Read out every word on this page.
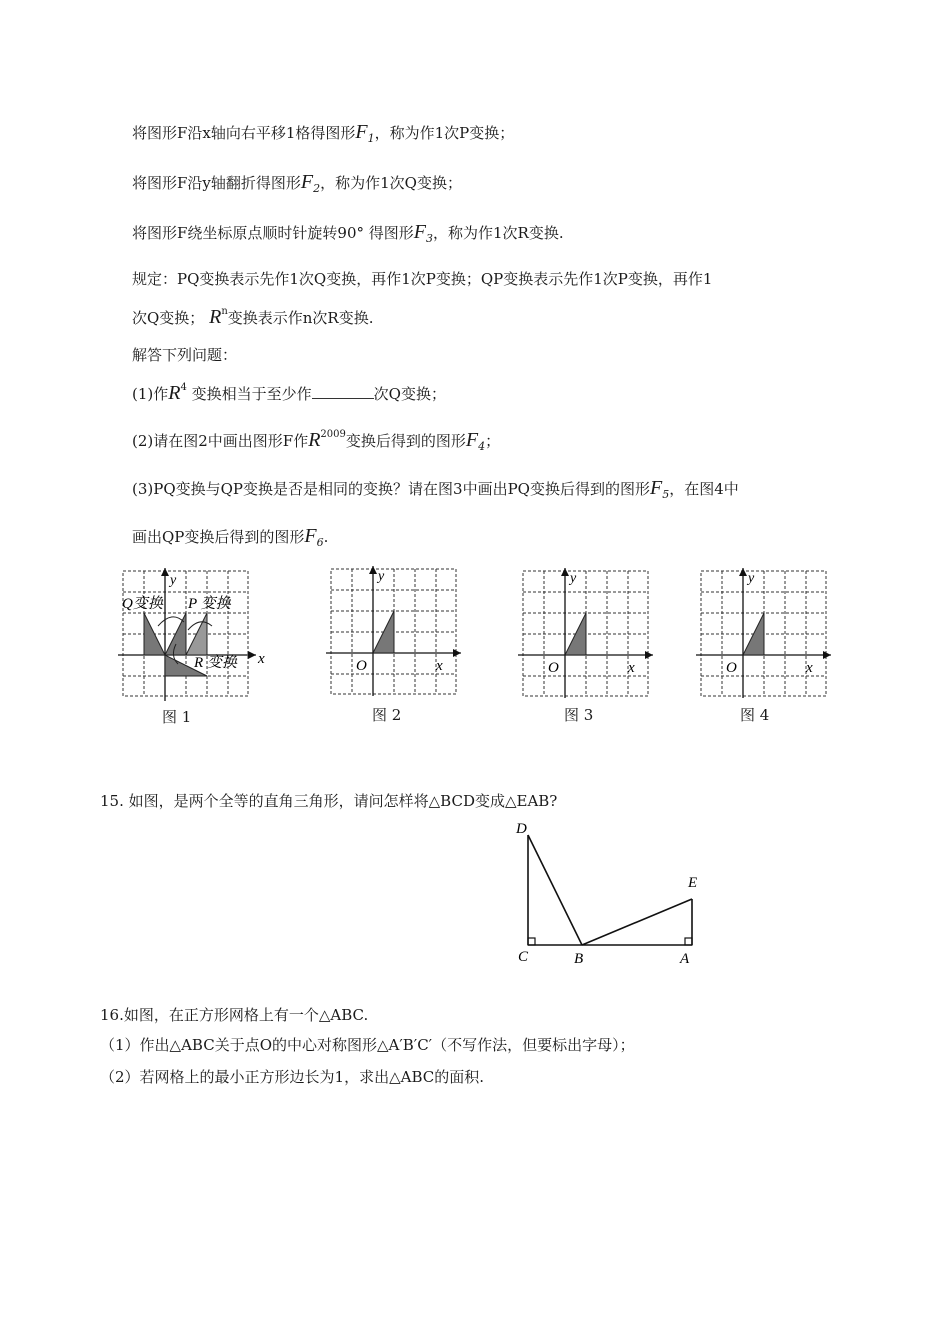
将图形F沿x轴向右平移1格得图形$F_1$，称为作1次P变换；
将图形F沿y轴翻折得图形$F_2$，称为作1次Q变换；
将图形F绕坐标原点顺时针旋转90° 得图形$F_3$，称为作1次R变换.
规定：PQ变换表示先作1次Q变换，再作1次P变换；QP变换表示先作1次P变换，再作1
次Q变换； $R^n$变换表示作n次R变换.
解答下列问题：
(1)作$R^4$ 变换相当于至少作	次Q变换；
(2)请在图2中画出图形F作$R^{2009}$变换后得到的图形$F_4$；
(3)PQ变换与QP变换是否是相同的变换？请在图3中画出PQ变换后得到的图形$F_5$，在图4中
画出QP变换后得到的图形$F_6$.
Q变换 P 变换
R 变换 x
y
图 1
O	x
y
图 2
O	x
y
图 3
O	x
y
图 4
15. 如图，是两个全等的直角三角形，请问怎样将△BCD变成△EAB?
D
E
C	B	A
16.如图，在正方形网格上有一个△ABC.
（1）作出△ABC关于点O的中心对称图形△A′B′C′（不写作法，但要标出字母）；
（2）若网格上的最小正方形边长为1，求出△ABC的面积.
